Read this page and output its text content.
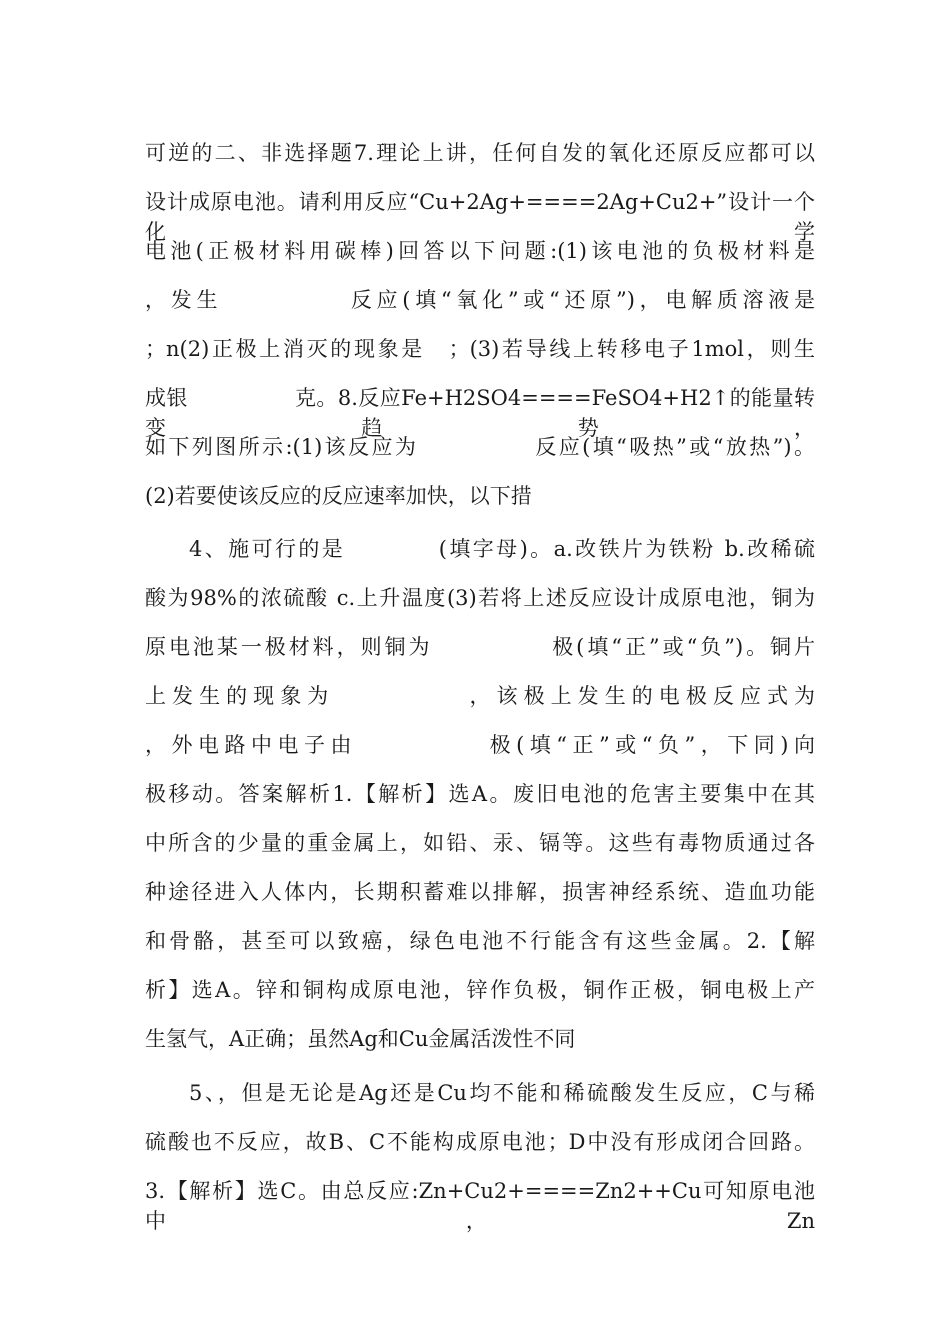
可逆的二、非选择题7.理论上讲，任何自发的氧化还原反应都可以
设计成原电池。请利用反应“Cu+2Ag+====2Ag+Cu2+”设计一个化学
电池(正极材料用碳棒)回答以下问题:(1)该电池的负极材料是
，发生　　　　　反应(填“氧化”或“还原”)，电解质溶液是
；n(2)正极上消灭的现象是　；(3)若导线上转移电子1mol，则生
成银　　　　　克。8.反应Fe+H2SO4====FeSO4+H2↑的能量转变趋势，
如下列图所示:(1)该反应为　　　　　反应(填“吸热”或“放热”)。
(2)若要使该反应的反应速率加快，以下措
4、施可行的是　　　　(填字母)。a.改铁片为铁粉 b.改稀硫
酸为98%的浓硫酸 c.上升温度(3)若将上述反应设计成原电池，铜为
原电池某一极材料，则铜为　　　　　极(填“正”或“负”)。铜片
上发生的现象为　　　　　，该极上发生的电极反应式为
，外电路中电子由　　　　　极(填“正”或“负”，下同)向
极移动。答案解析1.【解析】选A。废旧电池的危害主要集中在其
中所含的少量的重金属上，如铅、汞、镉等。这些有毒物质通过各
种途径进入人体内，长期积蓄难以排解，损害神经系统、造血功能
和骨骼，甚至可以致癌，绿色电池不行能含有这些金属。2.【解
析】选A。锌和铜构成原电池，锌作负极，铜作正极，铜电极上产
生氢气，A正确；虽然Ag和Cu金属活泼性不同
5、，但是无论是Ag还是Cu均不能和稀硫酸发生反应，C与稀
硫酸也不反应，故B、C不能构成原电池；D中没有形成闭合回路。
3.【解析】选C。由总反应:Zn+Cu2+====Zn2++Cu可知原电池中，Zn
